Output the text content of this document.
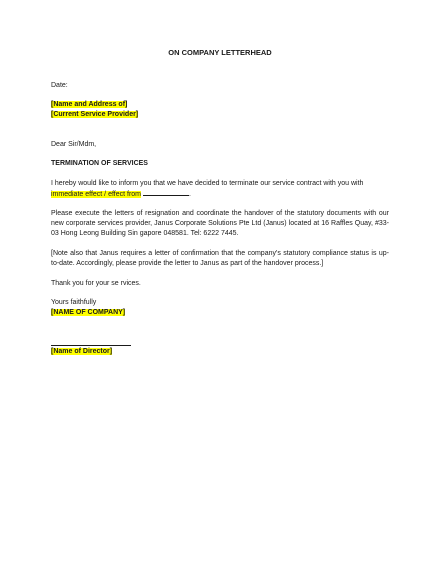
ON COMPANY LETTERHEAD
Date:
[Name and Address of]
[Current Service Provider]
Dear Sir/Mdm,
TERMINATION OF SERVICES
I hereby would like to inform you that we have decided to terminate our service contract with you with
immediate effect / effect from	.
Please execute the letters of resignation and coordinate the handover of the statutory documents with our new corporate services provider, Janus Corporate Solutions Pte Ltd (Janus) located at 16 Raffles Quay, #33-03 Hong Leong Building Sin gapore 048581. Tel: 6222 7445.
[Note also that Janus requires a letter of confirmation that the company's statutory compliance status is up-to-date. Accordingly, please provide the letter to Janus as part of the handover process.]
Thank you for your se rvices.
Yours faithfully
[NAME OF COMPANY]
[Name of Director]
